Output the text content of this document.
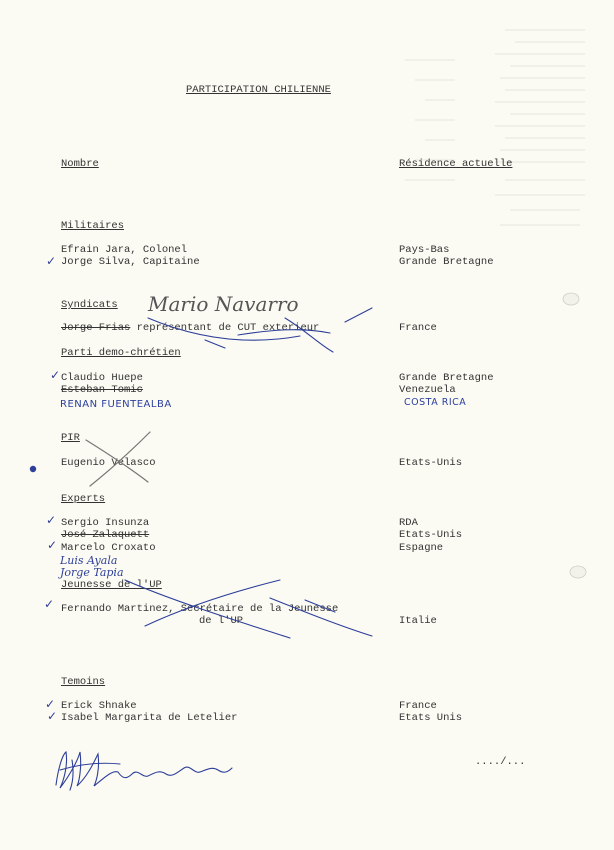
PARTICIPATION CHILIENNE
Nombre	Résidence actuelle
Militaires
Efrain Jara, Colonel	Pays-Bas
✓ Jorge Silva, Capitaine	Grande Bretagne
Syndicats Mario Navarro
Jorge Frias représentant de CUT exterieur	France
Parti demo-chrétien
✓ Claudio Huepe	Grande Bretagne
Esteban Tomic	Venezuela
RENAN FUENTEALBA	COSTA RICA
PIR
Eugenio Velasco	Etats-Unis
Experts
✓ Sergio Insunza	RDA
José Zalaquett	Etats-Unis
✓ Marcelo Croxato	Espagne
Luis Ayala
Jorge Tapia
Jeunesse de l'UP
✓ Fernando Martinez, Secrétaire de la Jeunesse
de l'UP	Italie
Temoins
✓ Erick Shnake	France
✓ Isabel Margarita de Letelier	Etats Unis
..../...
